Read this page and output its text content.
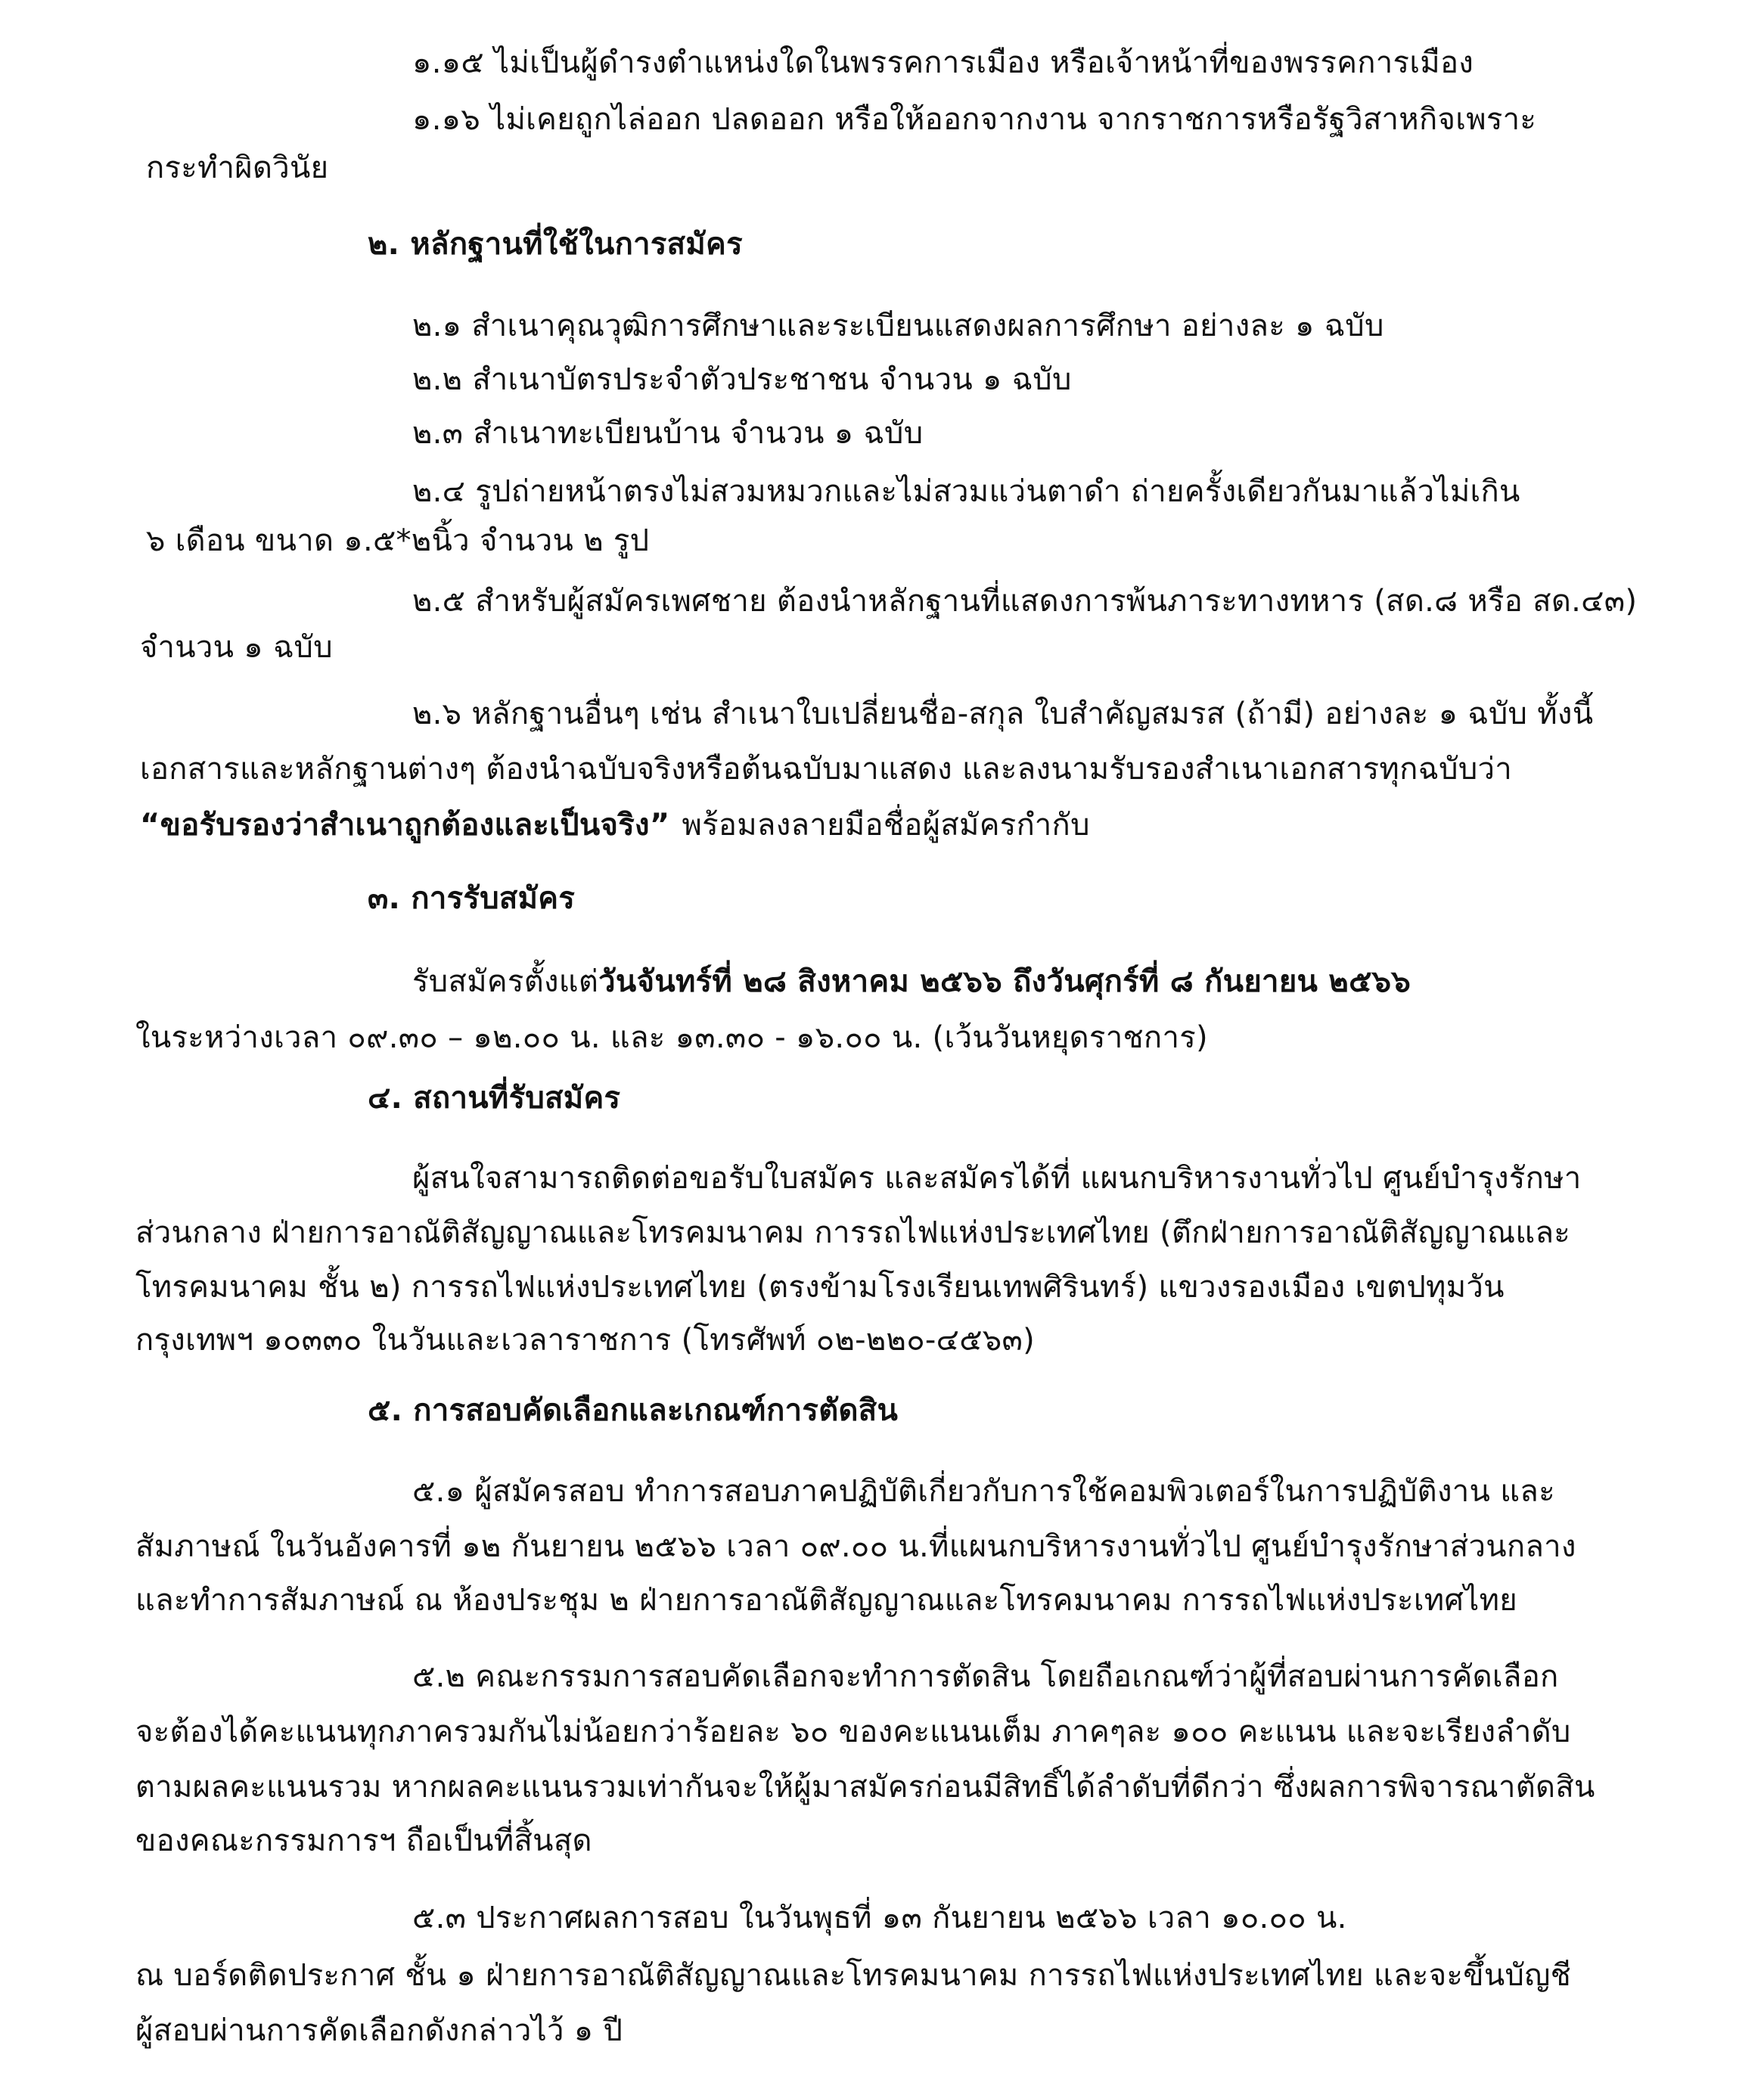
๑.๑๕ ไม่เป็นผู้ดำรงตำแหน่งใดในพรรคการเมือง หรือเจ้าหน้าที่ของพรรคการเมือง
๑.๑๖ ไม่เคยถูกไล่ออก ปลดออก หรือให้ออกจากงาน จากราชการหรือรัฐวิสาหกิจเพราะ
กระทำผิดวินัย
๒. หลักฐานที่ใช้ในการสมัคร
๒.๑ สำเนาคุณวุฒิการศึกษาและระเบียนแสดงผลการศึกษา อย่างละ ๑ ฉบับ
๒.๒ สำเนาบัตรประจำตัวประชาชน จำนวน ๑ ฉบับ
๒.๓ สำเนาทะเบียนบ้าน จำนวน ๑ ฉบับ
๒.๔ รูปถ่ายหน้าตรงไม่สวมหมวกและไม่สวมแว่นตาดำ ถ่ายครั้งเดียวกันมาแล้วไม่เกิน
๖ เดือน ขนาด ๑.๕*๒นิ้ว จำนวน ๒ รูป
๒.๕ สำหรับผู้สมัครเพศชาย ต้องนำหลักฐานที่แสดงการพ้นภาระทางทหาร (สด.๘ หรือ สด.๔๓)
จำนวน ๑ ฉบับ
๒.๖ หลักฐานอื่นๆ เช่น สำเนาใบเปลี่ยนชื่อ-สกุล ใบสำคัญสมรส (ถ้ามี) อย่างละ ๑ ฉบับ ทั้งนี้
เอกสารและหลักฐานต่างๆ ต้องนำฉบับจริงหรือต้นฉบับมาแสดง และลงนามรับรองสำเนาเอกสารทุกฉบับว่า
“ขอรับรองว่าสำเนาถูกต้องและเป็นจริง” พร้อมลงลายมือชื่อผู้สมัครกำกับ
๓. การรับสมัคร
รับสมัครตั้งแต่วันจันทร์ที่ ๒๘ สิงหาคม ๒๕๖๖ ถึงวันศุกร์ที่ ๘ กันยายน ๒๕๖๖
ในระหว่างเวลา ๐๙.๓๐ – ๑๒.๐๐ น. และ ๑๓.๓๐ - ๑๖.๐๐ น. (เว้นวันหยุดราชการ)
๔. สถานที่รับสมัคร
ผู้สนใจสามารถติดต่อขอรับใบสมัคร และสมัครได้ที่ แผนกบริหารงานทั่วไป ศูนย์บำรุงรักษา
ส่วนกลาง ฝ่ายการอาณัติสัญญาณและโทรคมนาคม การรถไฟแห่งประเทศไทย (ตึกฝ่ายการอาณัติสัญญาณและ
โทรคมนาคม ชั้น ๒) การรถไฟแห่งประเทศไทย (ตรงข้ามโรงเรียนเทพศิรินทร์) แขวงรองเมือง เขตปทุมวัน
กรุงเทพฯ ๑๐๓๓๐ ในวันและเวลาราชการ (โทรศัพท์ ๐๒-๒๒๐-๔๕๖๓)
๕. การสอบคัดเลือกและเกณฑ์การตัดสิน
๕.๑ ผู้สมัครสอบ ทำการสอบภาคปฏิบัติเกี่ยวกับการใช้คอมพิวเตอร์ในการปฏิบัติงาน และ
สัมภาษณ์ ในวันอังคารที่ ๑๒ กันยายน ๒๕๖๖ เวลา ๐๙.๐๐ น.ที่แผนกบริหารงานทั่วไป ศูนย์บำรุงรักษาส่วนกลาง
และทำการสัมภาษณ์ ณ ห้องประชุม ๒ ฝ่ายการอาณัติสัญญาณและโทรคมนาคม การรถไฟแห่งประเทศไทย
๕.๒ คณะกรรมการสอบคัดเลือกจะทำการตัดสิน โดยถือเกณฑ์ว่าผู้ที่สอบผ่านการคัดเลือก
จะต้องได้คะแนนทุกภาครวมกันไม่น้อยกว่าร้อยละ ๖๐ ของคะแนนเต็ม ภาคๆละ ๑๐๐ คะแนน และจะเรียงลำดับ
ตามผลคะแนนรวม หากผลคะแนนรวมเท่ากันจะให้ผู้มาสมัครก่อนมีสิทธิ์ได้ลำดับที่ดีกว่า ซึ่งผลการพิจารณาตัดสิน
ของคณะกรรมการฯ ถือเป็นที่สิ้นสุด
๕.๓ ประกาศผลการสอบ ในวันพุธที่ ๑๓ กันยายน ๒๕๖๖ เวลา ๑๐.๐๐ น.
ณ บอร์ดติดประกาศ ชั้น ๑ ฝ่ายการอาณัติสัญญาณและโทรคมนาคม การรถไฟแห่งประเทศไทย และจะขึ้นบัญชี
ผู้สอบผ่านการคัดเลือกดังกล่าวไว้ ๑ ปี
